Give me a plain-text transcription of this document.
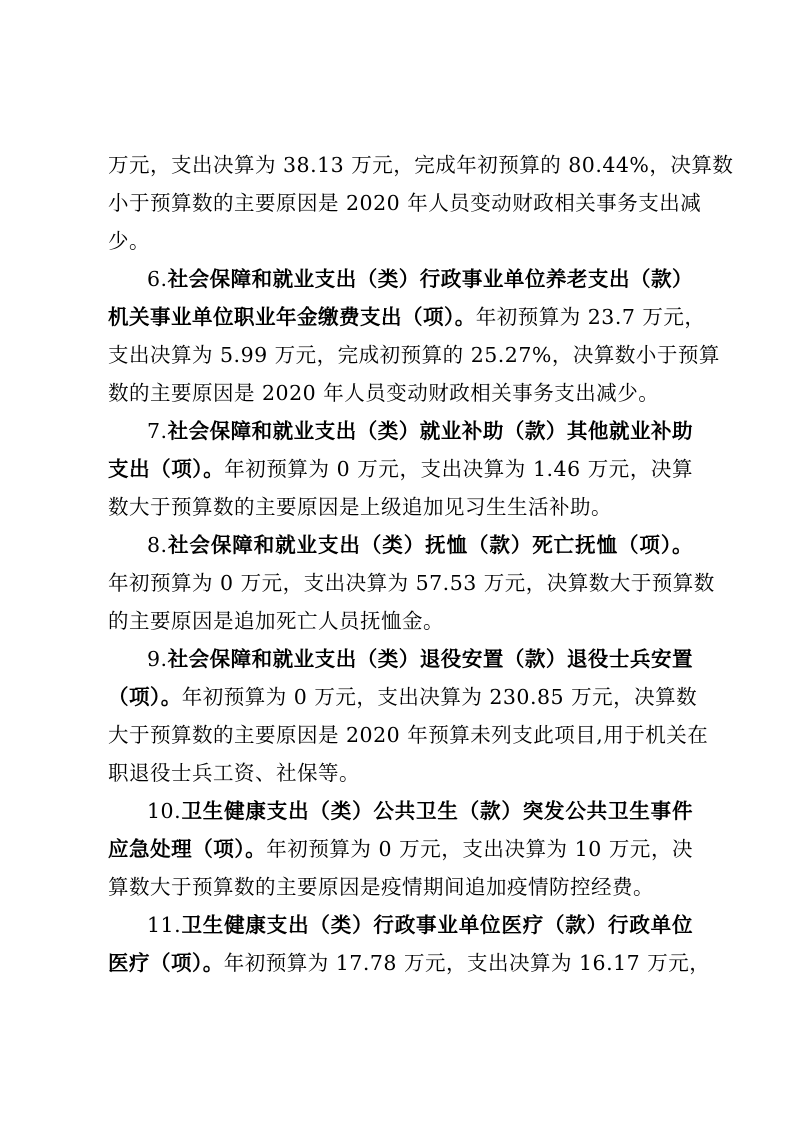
万元，支出决算为 38.13 万元，完成年初预算的 80.44%，决算数
小于预算数的主要原因是 2020 年人员变动财政相关事务支出减
少。
6.社会保障和就业支出（类）行政事业单位养老支出（款）
机关事业单位职业年金缴费支出（项）。年初预算为 23.7 万元，
支出决算为 5.99 万元，完成初预算的 25.27%，决算数小于预算
数的主要原因是 2020 年人员变动财政相关事务支出减少。
7.社会保障和就业支出（类）就业补助（款）其他就业补助
支出（项）。年初预算为 0 万元，支出决算为 1.46 万元，决算
数大于预算数的主要原因是上级追加见习生生活补助。
8.社会保障和就业支出（类）抚恤（款）死亡抚恤（项）。
年初预算为 0 万元，支出决算为 57.53 万元，决算数大于预算数
的主要原因是追加死亡人员抚恤金。
9.社会保障和就业支出（类）退役安置（款）退役士兵安置
（项）。年初预算为 0 万元，支出决算为 230.85 万元，决算数
大于预算数的主要原因是 2020 年预算未列支此项目,用于机关在
职退役士兵工资、社保等。
10.卫生健康支出（类）公共卫生（款）突发公共卫生事件
应急处理（项）。年初预算为 0 万元，支出决算为 10 万元，决
算数大于预算数的主要原因是疫情期间追加疫情防控经费。
11.卫生健康支出（类）行政事业单位医疗（款）行政单位
医疗（项）。年初预算为 17.78 万元，支出决算为 16.17 万元，
